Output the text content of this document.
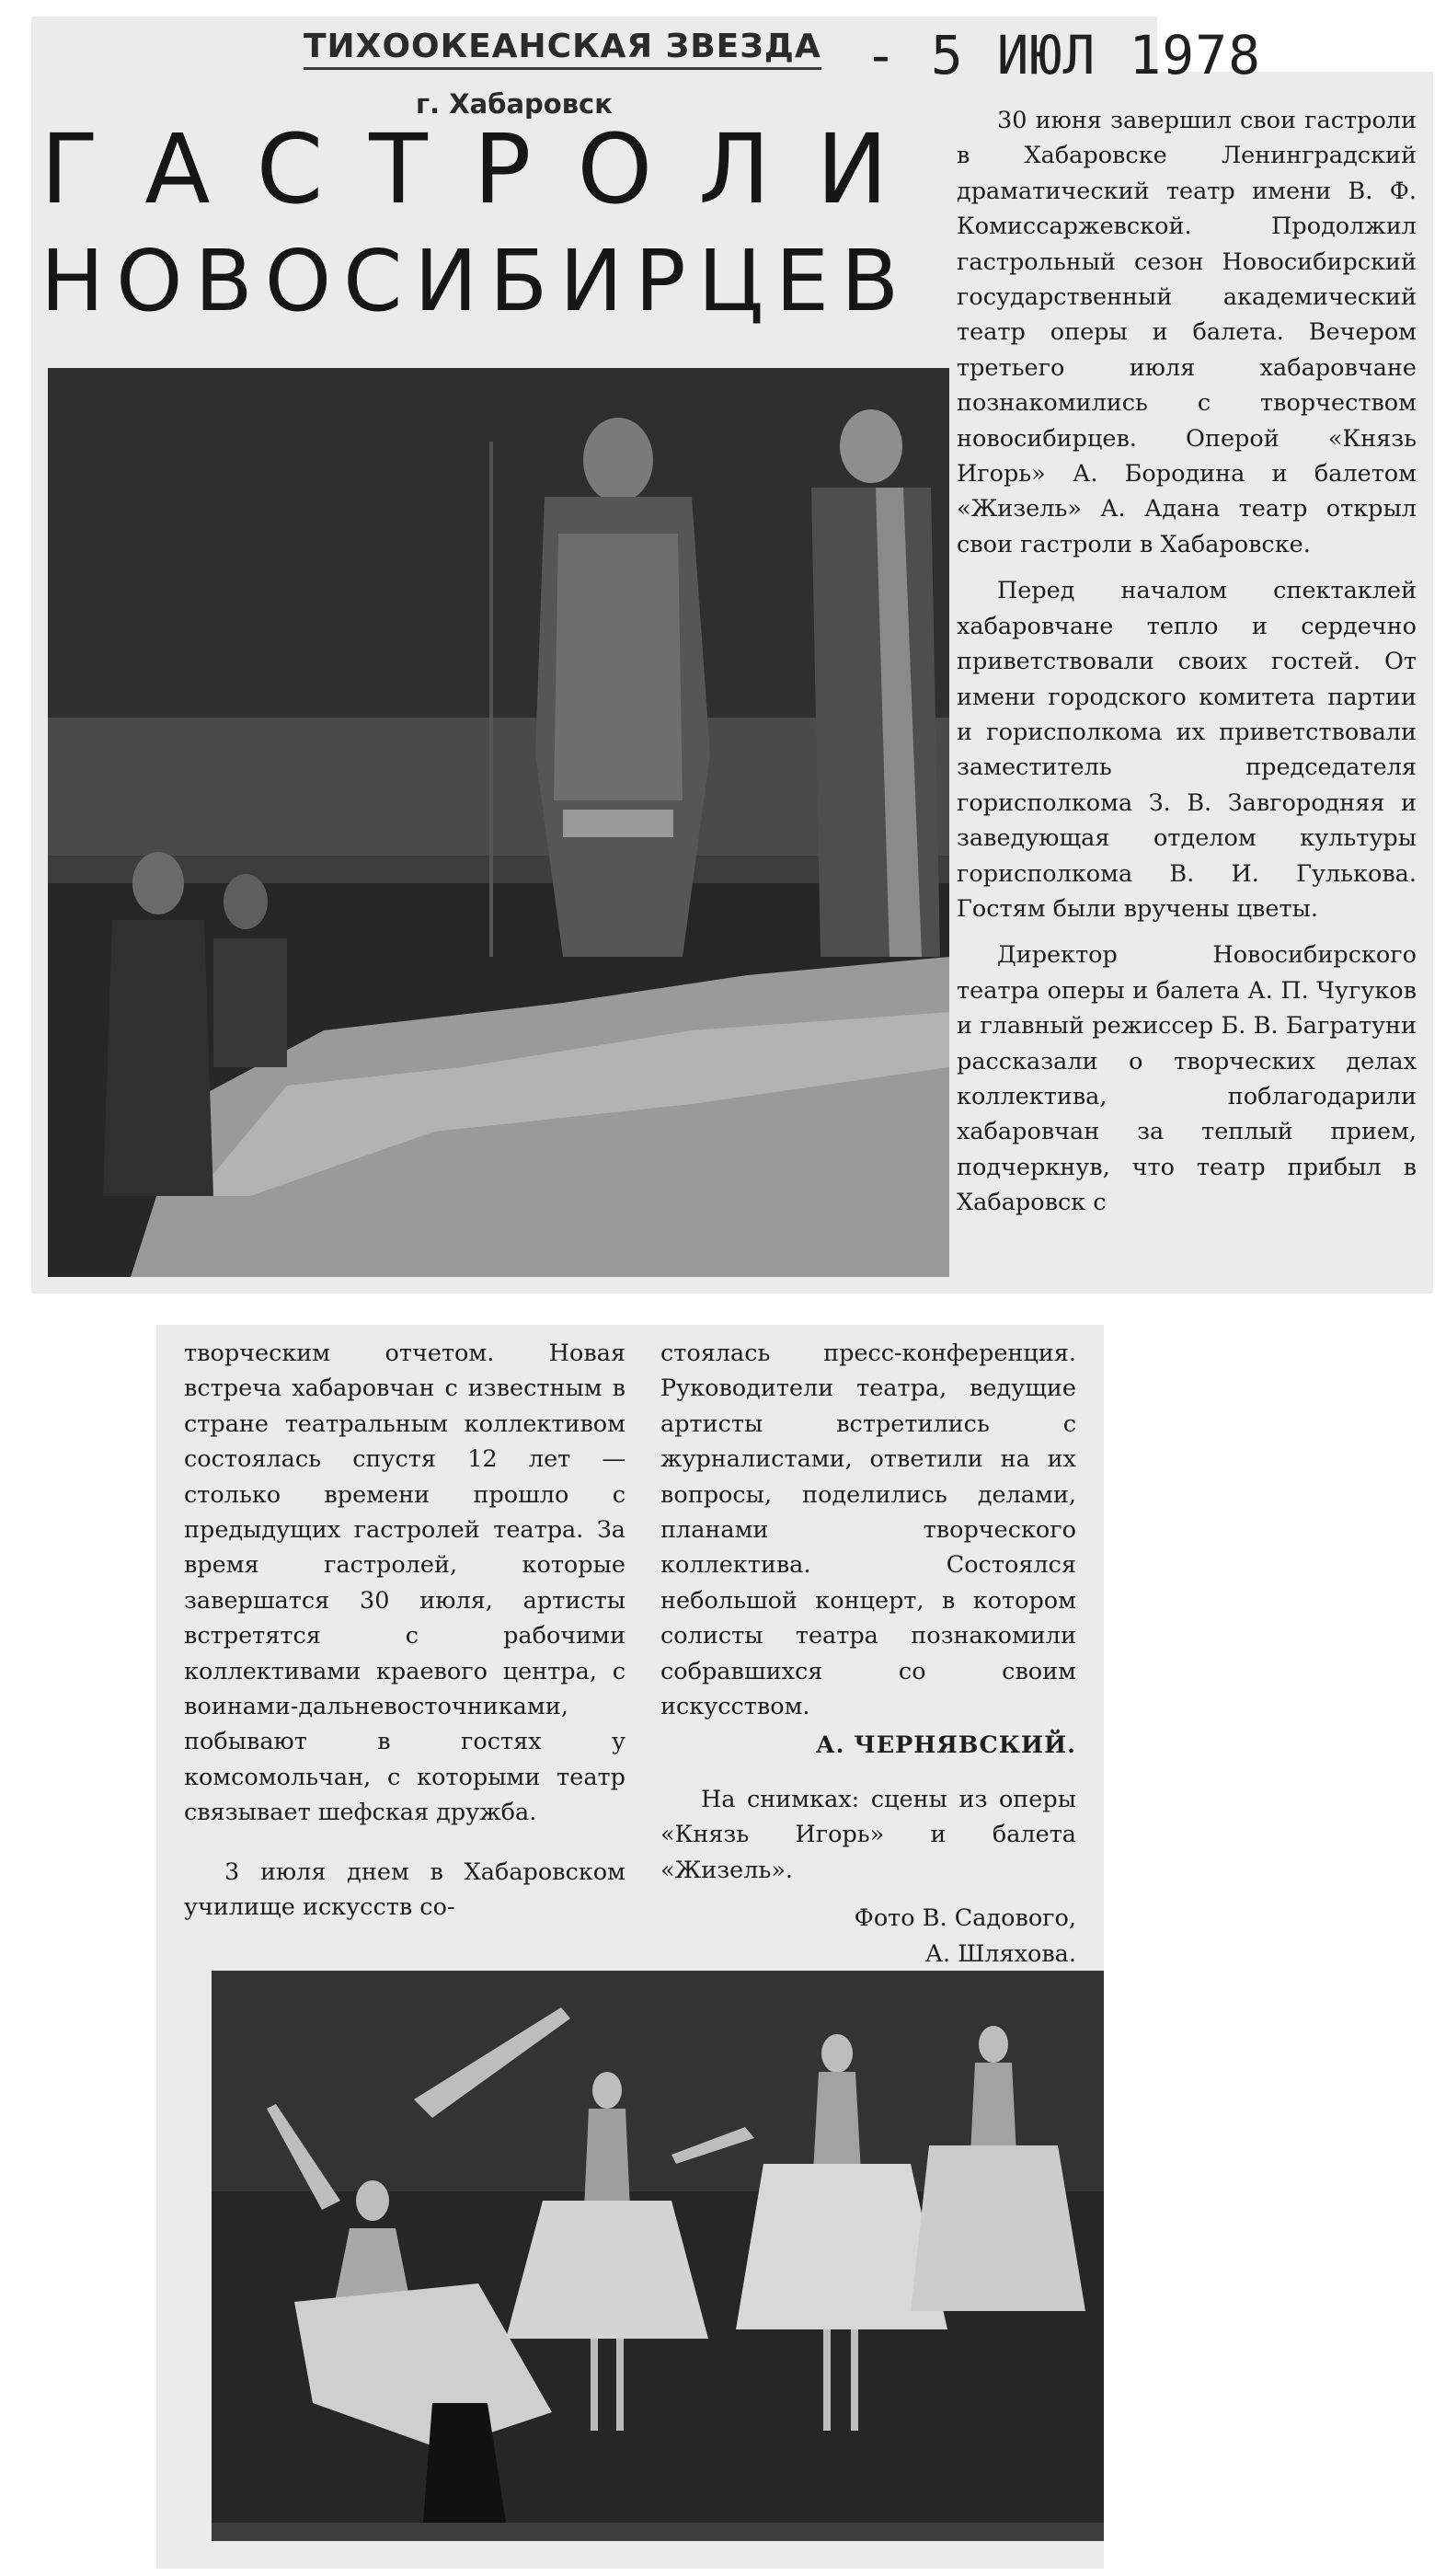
ТИХООКЕАНСКАЯ ЗВЕЗДА
г. Хабаровск
- 5 ИЮЛ 1978
ГАСТРОЛИ
НОВОСИБИРЦЕВ

30 июня завершил свои гастроли в Хабаровске Ленинградский драматический театр имени В. Ф. Комиссаржевской. Продолжил гастрольный сезон Новосибирский государственный академический театр оперы и балета. Вечером третьего июля хабаровчане познакомились с творчеством новосибирцев. Оперой «Князь Игорь» А. Бородина и балетом «Жизель» А. Адана театр открыл свои гастроли в Хабаровске.

Перед началом спектаклей хабаровчане тепло и сердечно приветствовали своих гостей. От имени городского комитета партии и горисполкома их приветствовали заместитель председателя горисполкома З. В. Завгородняя и заведующая отделом культуры горисполкома В. И. Гулькова. Гостям были вручены цветы.

Директор Новосибирского театра оперы и балета А. П. Чугуков и главный режиссер Б. В. Багратуни рассказали о творческих делах коллектива, поблагодарили хабаровчан за теплый прием, подчеркнув, что театр прибыл в Хабаровск с

творческим отчетом. Новая встреча хабаровчан с известным в стране театральным коллективом состоялась спустя 12 лет — столько времени прошло с предыдущих гастролей театра. За время гастролей, которые завершатся 30 июля, артисты встретятся с рабочими коллективами краевого центра, с воинами-дальневосточниками, побывают в гостях у комсомольчан, с которыми театр связывает шефская дружба.

3 июля днем в Хабаровском училище искусств со-

стоялась пресс-конференция. Руководители театра, ведущие артисты встретились с журналистами, ответили на их вопросы, поделились делами, планами творческого коллектива. Состоялся небольшой концерт, в котором солисты театра познакомили собравшихся со своим искусством.

А. ЧЕРНЯВСКИЙ.

На снимках: сцены из оперы «Князь Игорь» и балета «Жизель».

Фото В. Садового,

А. Шляхова.
